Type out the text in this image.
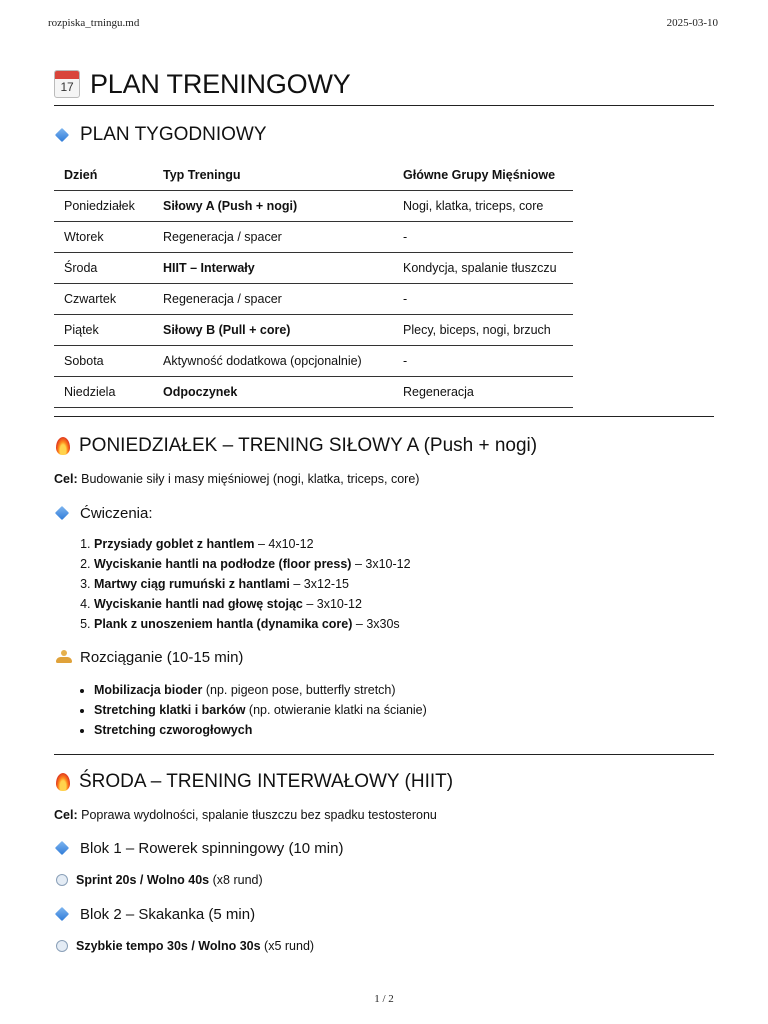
rozpiska_trningu.md	2025-03-10
17 PLAN TRENINGOWY
PLAN TYGODNIOWY
Dzień	Typ Treningu	Główne Grupy Mięśniowe
Poniedziałek	Siłowy A (Push + nogi)	Nogi, klatka, triceps, core
Wtorek	Regeneracja / spacer	-
Środa	HIIT – Interwały	Kondycja, spalanie tłuszczu
Czwartek	Regeneracja / spacer	-
Piątek	Siłowy B (Pull + core)	Plecy, biceps, nogi, brzuch
Sobota	Aktywność dodatkowa (opcjonalnie)	-
Niedziela	Odpoczynek	Regeneracja
PONIEDZIAŁEK – TRENING SIŁOWY A (Push + nogi)

Cel: Budowanie siły i masy mięśniowej (nogi, klatka, triceps, core)

Ćwiczenia:
1. Przysiady goblet z hantlem – 4x10-12
2. Wyciskanie hantli na podłodze (floor press) – 3x10-12
3. Martwy ciąg rumuński z hantlami – 3x12-15
4. Wyciskanie hantli nad głowę stojąc – 3x10-12
5. Plank z unoszeniem hantla (dynamika core) – 3x30s
Rozciąganie (10-15 min)
• Mobilizacja bioder (np. pigeon pose, butterfly stretch)
• Stretching klatki i barków (np. otwieranie klatki na ścianie)
• Stretching czworogłowych
ŚRODA – TRENING INTERWAŁOWY (HIIT)

Cel: Poprawa wydolności, spalanie tłuszczu bez spadku testosteronu

Blok 1 – Rowerek spinningowy (10 min)
Sprint 20s / Wolno 40s
(x8 rund)
Blok 2 – Skakanka (5 min)
Szybkie tempo 30s / Wolno 30s
(x5 rund)
1 / 2
